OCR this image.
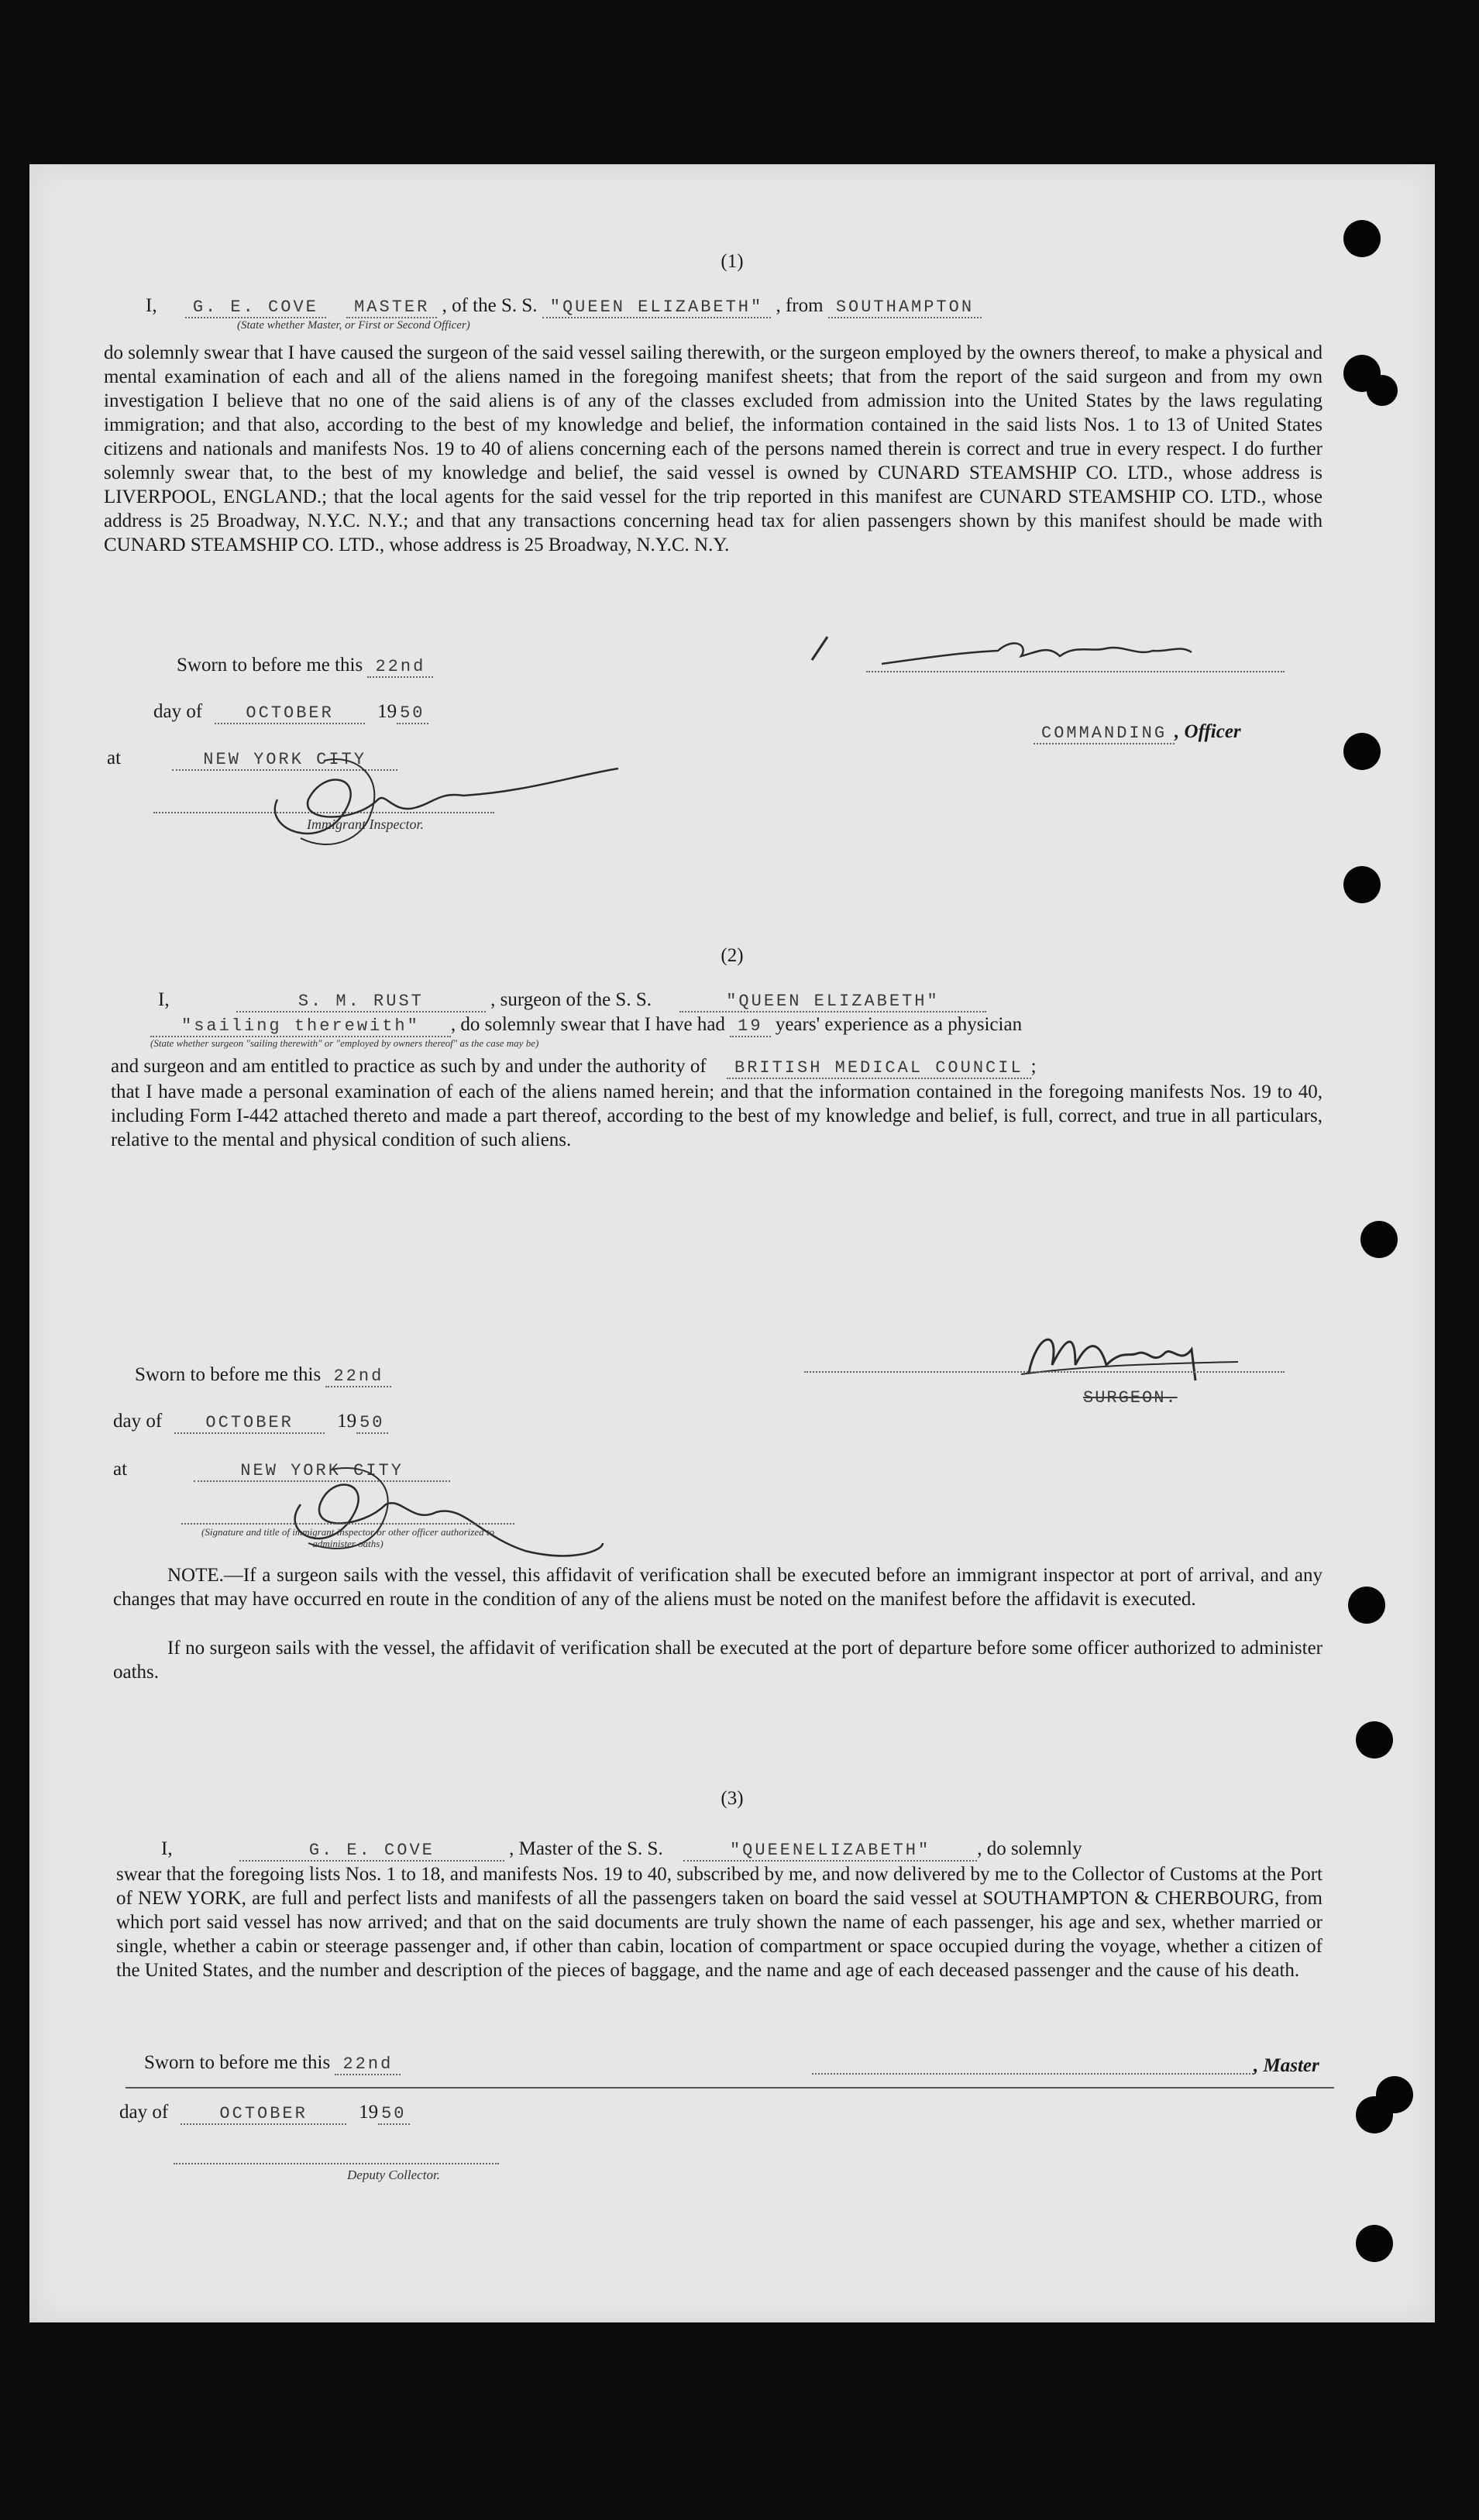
(1)
I, G. E. COVE MASTER , of the S. S. "QUEEN ELIZABETH" , from SOUTHAMPTON
(State whether Master, or First or Second Officer)
do solemnly swear that I have caused the surgeon of the said vessel sailing therewith, or the surgeon employed by the owners thereof, to make a physical and mental examination of each and all of the aliens named in the foregoing manifest sheets; that from the report of the said surgeon and from my own investigation I believe that no one of the said aliens is of any of the classes excluded from admission into the United States by the laws regulating immigration; and that also, according to the best of my knowledge and belief, the information contained in the said lists Nos. 1 to 13 of United States citizens and nationals and manifests Nos. 19 to 40 of aliens concerning each of the persons named therein is correct and true in every respect. I do further solemnly swear that, to the best of my knowledge and belief, the said vessel is owned by CUNARD STEAMSHIP CO. LTD., whose address is LIVERPOOL, ENGLAND.; that the local agents for the said vessel for the trip reported in this manifest are CUNARD STEAMSHIP CO. LTD., whose address is 25 Broadway, N.Y.C. N.Y.; and that any transactions concerning head tax for alien passengers shown by this manifest should be made with CUNARD STEAMSHIP CO. LTD., whose address is 25 Broadway, N.Y.C. N.Y.
Sworn to before me this 22nd
day of	OCTOBER 19 50
at	NEW YORK CITY
Immigrant Inspector.
COMMANDING , Officer
(2)
I,	S. M. RUST	, surgeon of the S. S.	"QUEEN ELIZABETH"
"sailing therewith" , do solemnly swear that I have had 19 years' experience as a physician
(State whether surgeon "sailing therewith" or "employed by owners thereof" as the case may be)
and surgeon and am entitled to practice as such by and under the authority of BRITISH MEDICAL COUNCIL ;
that I have made a personal examination of each of the aliens named herein; and that the information contained in the foregoing manifests Nos. 19 to 40, including Form I-442 attached thereto and made a part thereof, according to the best of my knowledge and belief, is full, correct, and true in all particulars, relative to the mental and physical condition of such aliens.
Sworn to before me this 22nd
day of	OCTOBER 19 50
at	NEW YORK CITY
(Signature and title of immigrant inspector or other officer authorized to administer oaths)
SURGEON.
NOTE.—If a surgeon sails with the vessel, this affidavit of verification shall be executed before an immigrant inspector at port of arrival, and any changes that may have occurred en route in the condition of any of the aliens must be noted on the manifest before the affidavit is executed.
If no surgeon sails with the vessel, the affidavit of verification shall be executed at the port of departure before some officer authorized to administer oaths.
(3)
I,	G. E. COVE	, Master of the S. S.	"QUEENELIZABETH" , do solemnly
swear that the foregoing lists Nos. 1 to 18, and manifests Nos. 19 to 40, subscribed by me, and now delivered by me to the Collector of Customs at the Port of NEW YORK, are full and perfect lists and manifests of all the passengers taken on board the said vessel at SOUTHAMPTON & CHERBOURG, from which port said vessel has now arrived; and that on the said documents are truly shown the name of each passenger, his age and sex, whether married or single, whether a cabin or steerage passenger and, if other than cabin, location of compartment or space occupied during the voyage, whether a citizen of the United States, and the number and description of the pieces of baggage, and the name and age of each deceased passenger and the cause of his death.
Sworn to before me this 22nd
day of	OCTOBER	19 50
, Master
Deputy Collector.
